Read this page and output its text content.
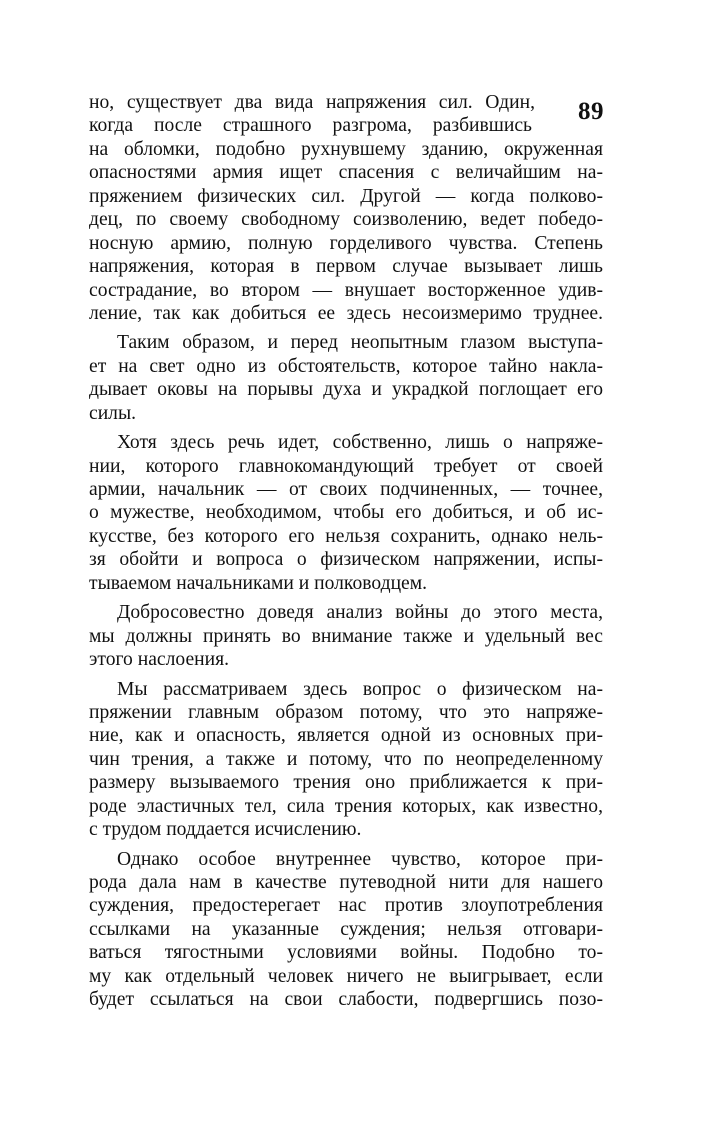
89
но, существует два вида напряжения сил. Один,
когда после страшного разгрома, разбившись
на обломки, подобно рухнувшему зданию, окруженная
опасностями армия ищет спасения с величайшим на-
пряжением физических сил. Другой — когда полково-
дец, по своему свободному соизволению, ведет победо-
носную армию, полную горделивого чувства. Степень
напряжения, которая в первом случае вызывает лишь
сострадание, во втором — внушает восторженное удив-
ление, так как добиться ее здесь несоизмеримо труднее.
Таким образом, и перед неопытным глазом выступа-
ет на свет одно из обстоятельств, которое тайно накла-
дывает оковы на порывы духа и украдкой поглощает его
силы.
Хотя здесь речь идет, собственно, лишь о напряже-
нии, которого главнокомандующий требует от своей
армии, начальник — от своих подчиненных, — точнее,
о мужестве, необходимом, чтобы его добиться, и об ис-
кусстве, без которого его нельзя сохранить, однако нель-
зя обойти и вопроса о физическом напряжении, испы-
тываемом начальниками и полководцем.
Добросовестно доведя анализ войны до этого места,
мы должны принять во внимание также и удельный вес
этого наслоения.
Мы рассматриваем здесь вопрос о физическом на-
пряжении главным образом потому, что это напряже-
ние, как и опасность, является одной из основных при-
чин трения, а также и потому, что по неопределенному
размеру вызываемого трения оно приближается к при-
роде эластичных тел, сила трения которых, как известно,
с трудом поддается исчислению.
Однако особое внутреннее чувство, которое при-
рода дала нам в качестве путеводной нити для нашего
суждения, предостерегает нас против злоупотребления
ссылками на указанные суждения; нельзя отговари-
ваться тягостными условиями войны. Подобно то-
му как отдельный человек ничего не выигрывает, если
будет ссылаться на свои слабости, подвергшись позо-
